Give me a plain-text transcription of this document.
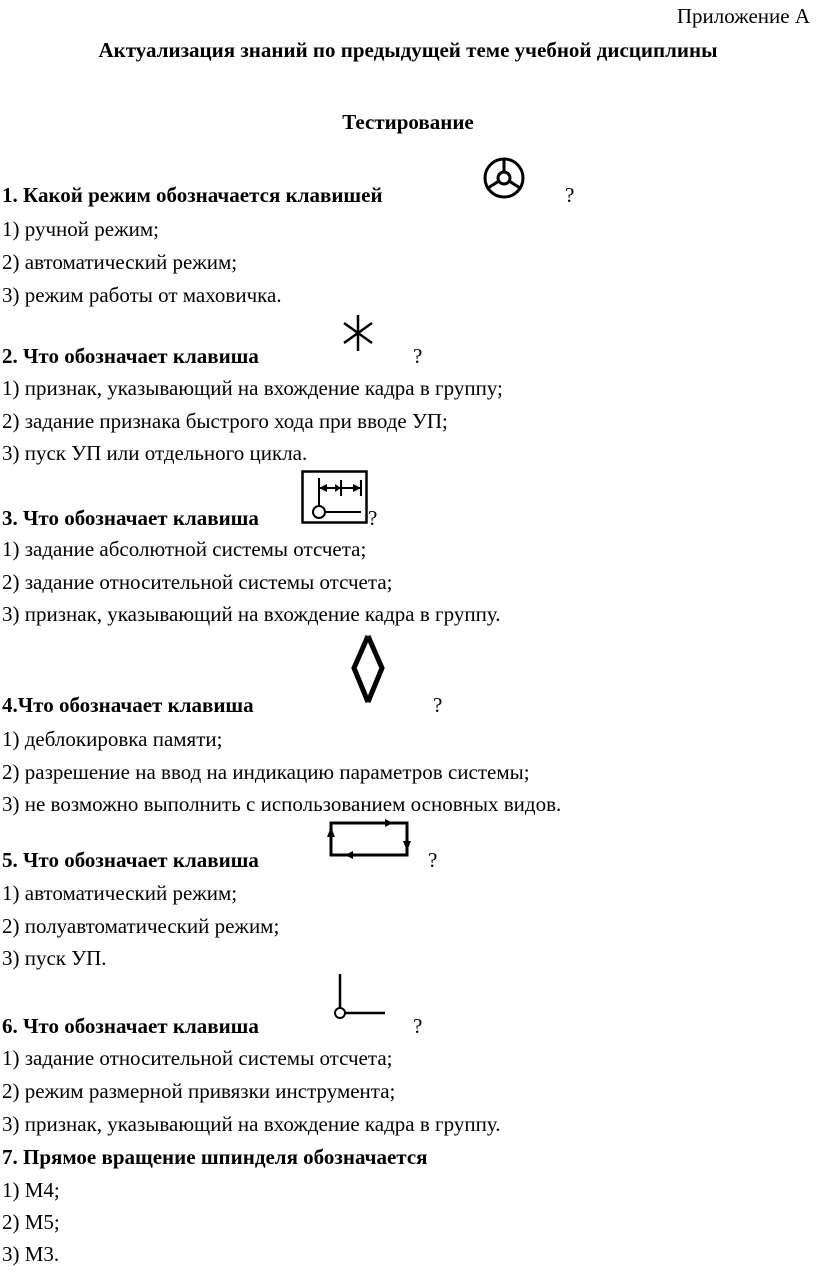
Приложение А
Актуализация знаний по предыдущей теме учебной дисциплины
Тестирование
1. Какой режим обозначается клавишей	?
1) ручной режим;
2) автоматический режим;
3) режим работы от маховичка.
2. Что обозначает клавиша	?
1) признак, указывающий на вхождение кадра в группу;
2) задание признака быстрого хода при вводе УП;
3) пуск УП или отдельного цикла.
3. Что обозначает клавиша	?
1) задание абсолютной системы отсчета;
2) задание относительной системы отсчета;
3) признак, указывающий на вхождение кадра в группу.
4.Что обозначает клавиша	?
1) деблокировка памяти;
2) разрешение на ввод на индикацию параметров системы;
3) не возможно выполнить с использованием основных видов.
5. Что обозначает клавиша	?
1) автоматический режим;
2) полуавтоматический режим;
3) пуск УП.
6. Что обозначает клавиша	?
1) задание относительной системы отсчета;
2) режим размерной привязки инструмента;
3) признак, указывающий на вхождение кадра в группу.
7. Прямое вращение шпинделя обозначается
1) М4;
2) М5;
3) М3.
